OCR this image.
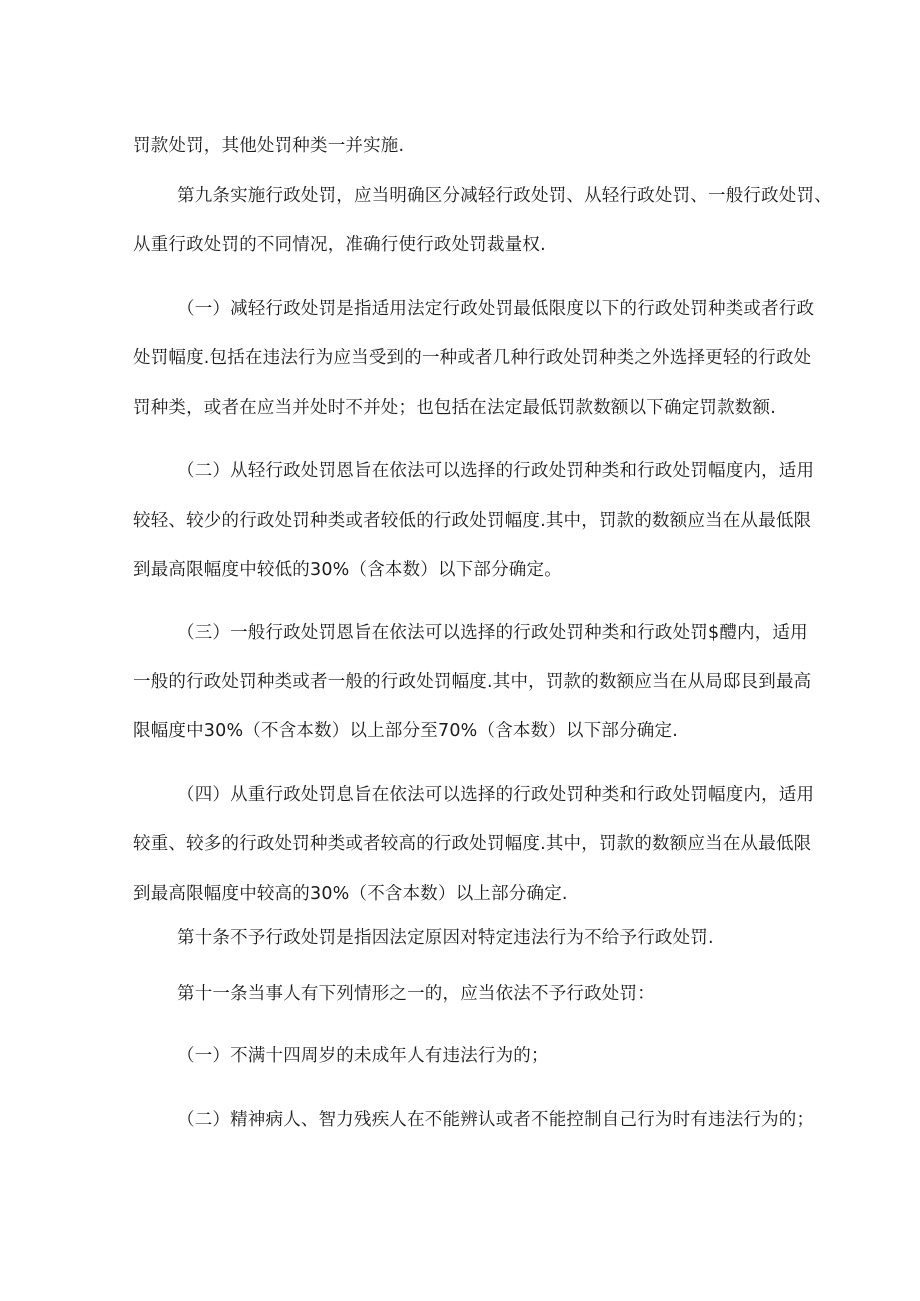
罚款处罚，其他处罚种类一并实施.
第九条实施行政处罚，应当明确区分减轻行政处罚、从轻行政处罚、一般行政处罚、
从重行政处罚的不同情况，准确行使行政处罚裁量权.
（一）减轻行政处罚是指适用法定行政处罚最低限度以下的行政处罚种类或者行政
处罚幅度.包括在违法行为应当受到的一种或者几种行政处罚种类之外选择更轻的行政处
罚种类，或者在应当并处时不并处；也包括在法定最低罚款数额以下确定罚款数额.
（二）从轻行政处罚恩旨在依法可以选择的行政处罚种类和行政处罚幅度内，适用
较轻、较少的行政处罚种类或者较低的行政处罚幅度.其中，罚款的数额应当在从最低限
到最高限幅度中较低的30%（含本数）以下部分确定。
（三）一般行政处罚恩旨在依法可以选择的行政处罚种类和行政处罚$醴内，适用
一般的行政处罚种类或者一般的行政处罚幅度.其中，罚款的数额应当在从局邸艮到最高
限幅度中30%（不含本数）以上部分至70%（含本数）以下部分确定.
（四）从重行政处罚息旨在依法可以选择的行政处罚种类和行政处罚幅度内，适用
较重、较多的行政处罚种类或者较高的行政处罚幅度.其中，罚款的数额应当在从最低限
到最高限幅度中较高的30%（不含本数）以上部分确定.
第十条不予行政处罚是指因法定原因对特定违法行为不给予行政处罚.
第十一条当事人有下列情形之一的，应当依法不予行政处罚：
（一）不满十四周岁的未成年人有违法行为的；
（二）精神病人、智力残疾人在不能辨认或者不能控制自己行为时有违法行为的；
